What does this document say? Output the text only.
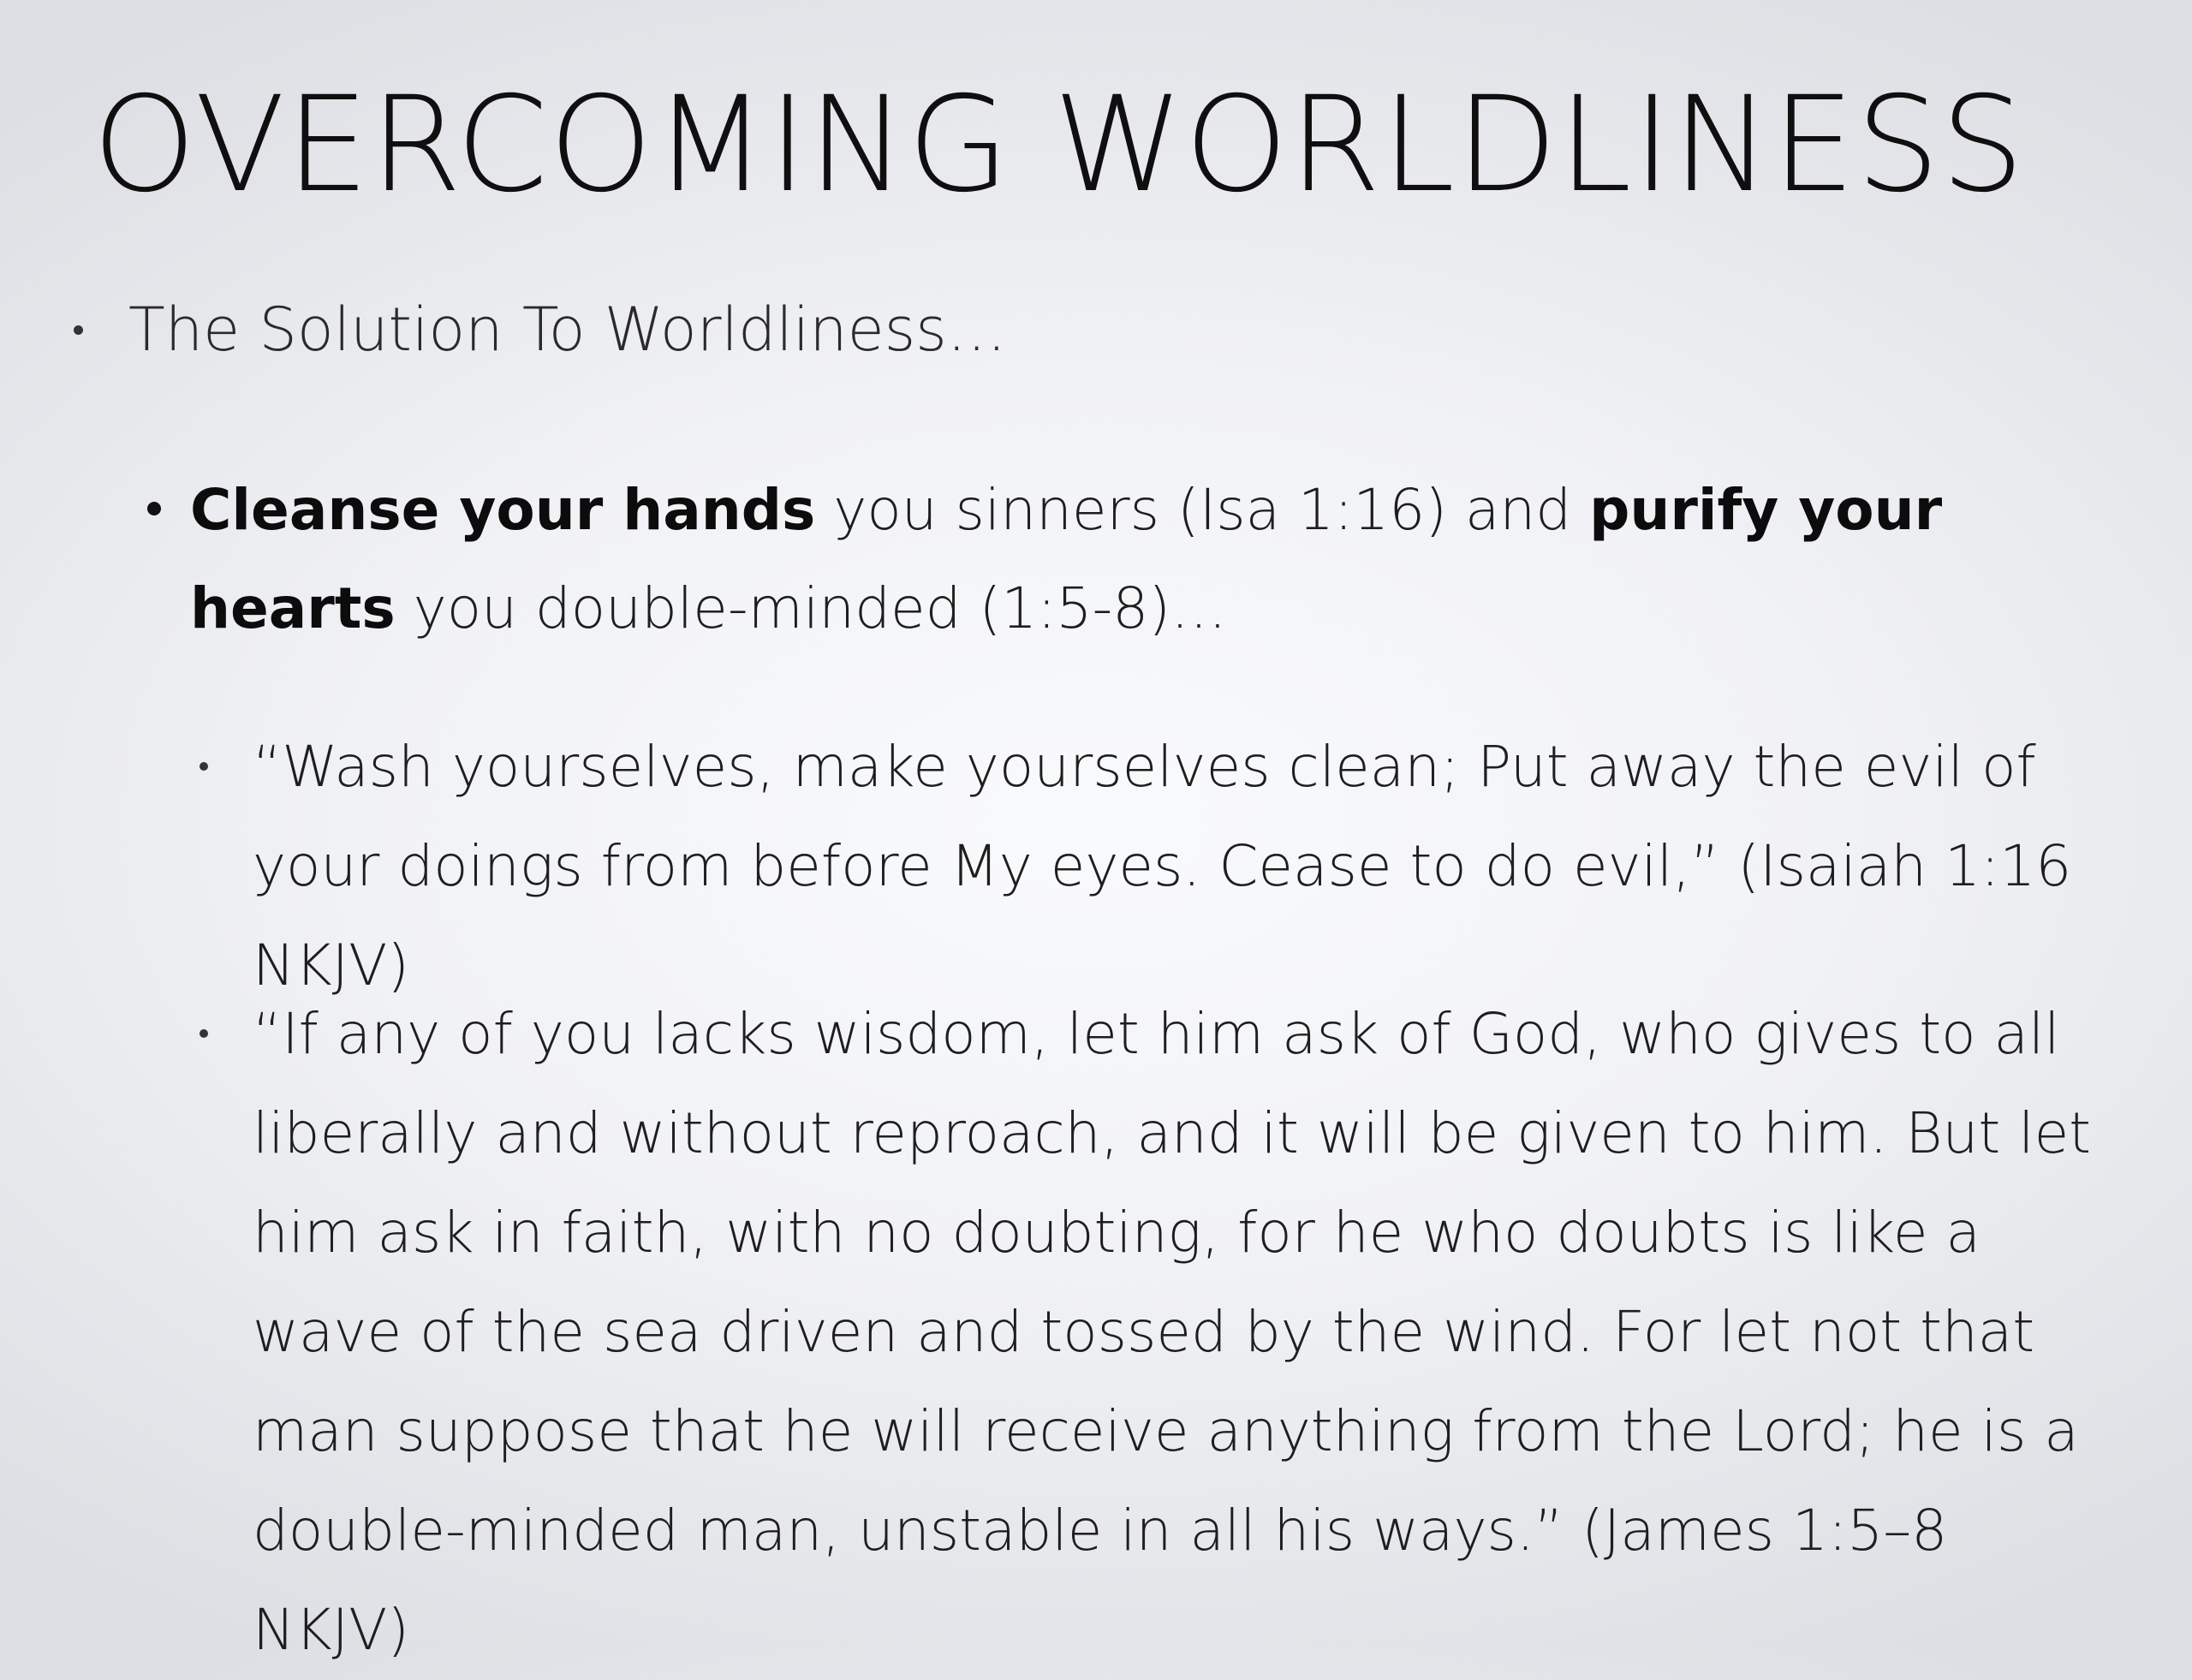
OVERCOMING WORLDLINESS
The Solution To Worldliness…
Cleanse your hands you sinners (Isa 1:16) and purify your hearts you double-minded (1:5-8)…
“Wash yourselves, make yourselves clean; Put away the evil of your doings from before My eyes. Cease to do evil,” (Isaiah 1:16 NKJV)
“If any of you lacks wisdom, let him ask of God, who gives to all liberally and without reproach, and it will be given to him. But let him ask in faith, with no doubting, for he who doubts is like a wave of the sea driven and tossed by the wind. For let not that man suppose that he will receive anything from the Lord; he is a double-minded man, unstable in all his ways.” (James 1:5–8 NKJV)
